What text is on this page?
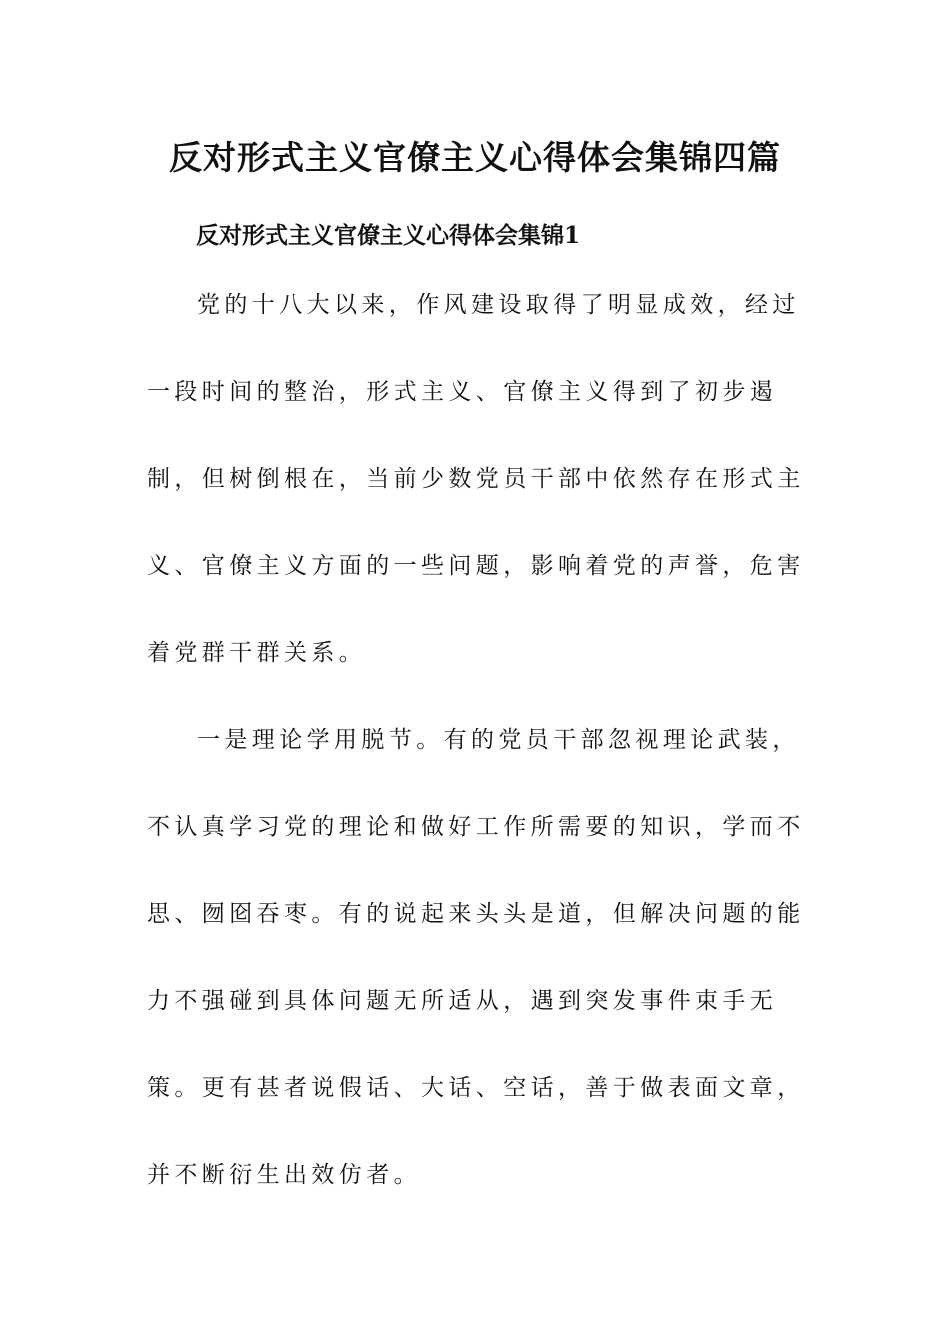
反对形式主义官僚主义心得体会集锦四篇
反对形式主义官僚主义心得体会集锦1

党的十八大以来，作风建设取得了明显成效，经过一段时间的整治，形式主义、官僚主义得到了初步遏制，但树倒根在，当前少数党员干部中依然存在形式主义、官僚主义方面的一些问题，影响着党的声誉，危害着党群干群关系。

一是理论学用脱节。有的党员干部忽视理论武装，不认真学习党的理论和做好工作所需要的知识，学而不思、囫囵吞枣。有的说起来头头是道，但解决问题的能力不强碰到具体问题无所适从，遇到突发事件束手无策。更有甚者说假话、大话、空话，善于做表面文章，并不断衍生出效仿者。
